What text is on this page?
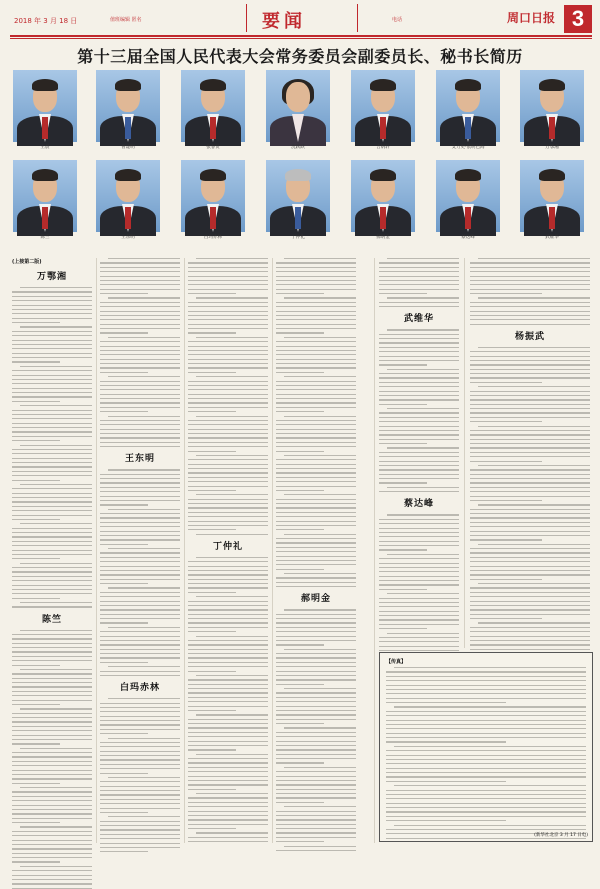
2018 年 3 月 18 日	值班编辑 匿名	要闻	电话	周口日报 3
第十三届全国人民代表大会常务委员会副委员长、秘书长简历
王晨	曹建明	张春贤	沈跃跃	吉炳轩	艾力更·依明巴海	万鄂湘
陈竺	王东明	白玛赤林	丁仲礼	郝明金	蔡达峰	武维华
(上接第二版)
万鄂湘
陈竺
王东明
白玛赤林
丁仲礼
郝明金
武维华
蔡达峰
杨振武
【传真】
(新华社北京 3 月 17 日电)
